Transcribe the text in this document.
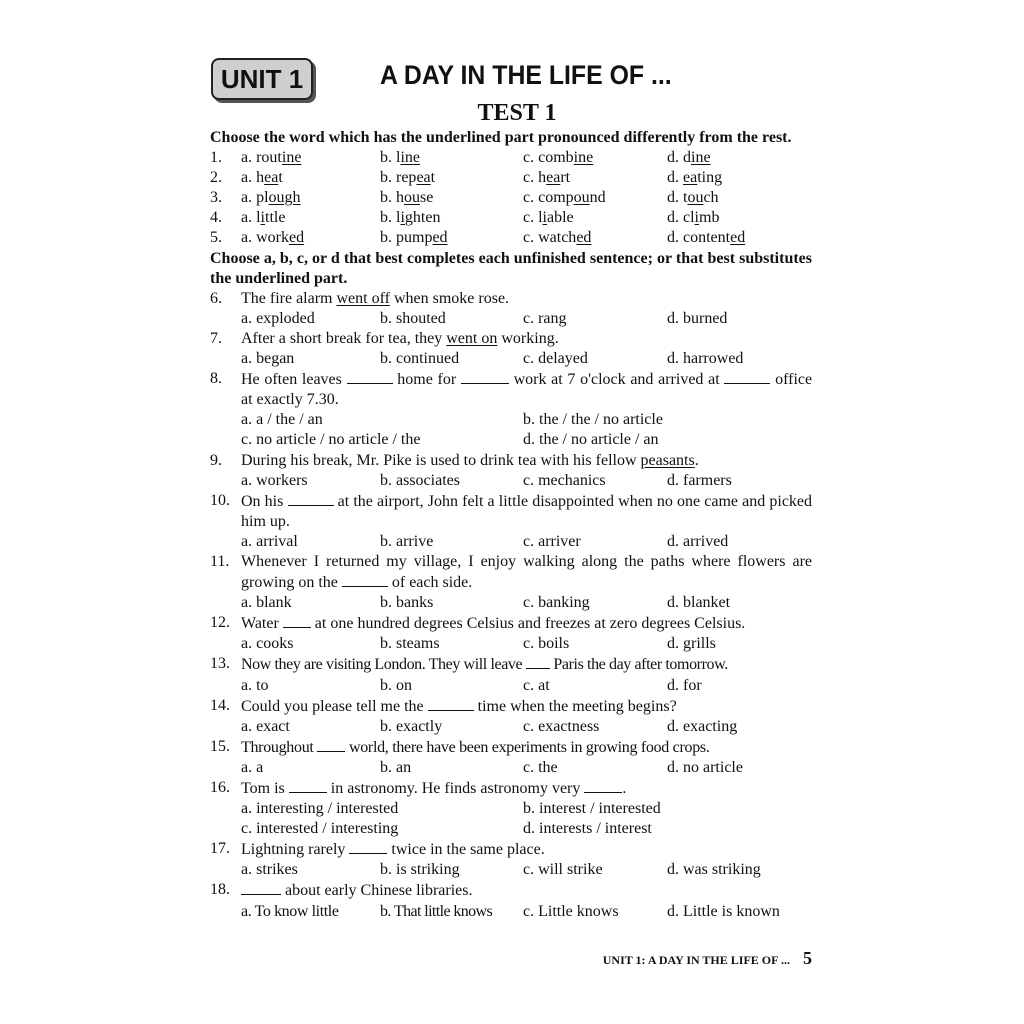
UNIT 1	A DAY IN THE LIFE OF ...
TEST 1
Choose the word which has the underlined part pronounced differently from the rest.
1.	a. routine	b. line	c. combine	d. dine
2.	a. heat	b. repeat	c. heart	d. eating
3.	a. plough	b. house	c. compound	d. touch
4.	a. little	b. lighten	c. liable	d. climb
5.	a. worked	b. pumped	c. watched	d. contented
Choose a, b, c, or d that best completes each unfinished sentence; or that best substitutes the underlined part.
6.	The fire alarm went off when smoke rose.
a. exploded	b. shouted	c. rang	d. burned
7.	After a short break for tea, they went on working.
a. began	b. continued	c. delayed	d. harrowed
8.	He often leaves	home for	work at 7 o'clock and arrived at	office at exactly 7.30.
a. a / the / an	b. the / the / no article
c. no article / no article / the	d. the / no article / an
9.	During his break, Mr. Pike is used to drink tea with his fellow peasants.
a. workers	b. associates	c. mechanics	d. farmers
10. On his	at the airport, John felt a little disappointed when no one came and picked him up.
a. arrival	b. arrive	c. arriver	d. arrived
11. Whenever I returned my village, I enjoy walking along the paths where flowers are growing on the	of each side.
a. blank	b. banks	c. banking	d. blanket
12. Water at one hundred degrees Celsius and freezes at zero degrees Celsius.
a. cooks	b. steams	c. boils	d. grills
13. Now they are visiting London. They will leave Paris the day after tomorrow.
a. to	b. on	c. at	d. for
14. Could you please tell me the	time when the meeting begins?
a. exact	b. exactly	c. exactness	d. exacting
15. Throughout world, there have been experiments in growing food crops.
a. a	b. an	c. the	d. no article
16. Tom is	in astronomy. He finds astronomy very	.
a. interesting / interested	b. interest / interested
c. interested / interesting	d. interests / interest
17. Lightning rarely	twice in the same place.
a. strikes	b. is striking	c. will strike	d. was striking
18.	about early Chinese libraries.
a. To know little	b. That little knows	c. Little knows	d. Little is known
UNIT 1: A DAY IN THE LIFE OF ... 5
